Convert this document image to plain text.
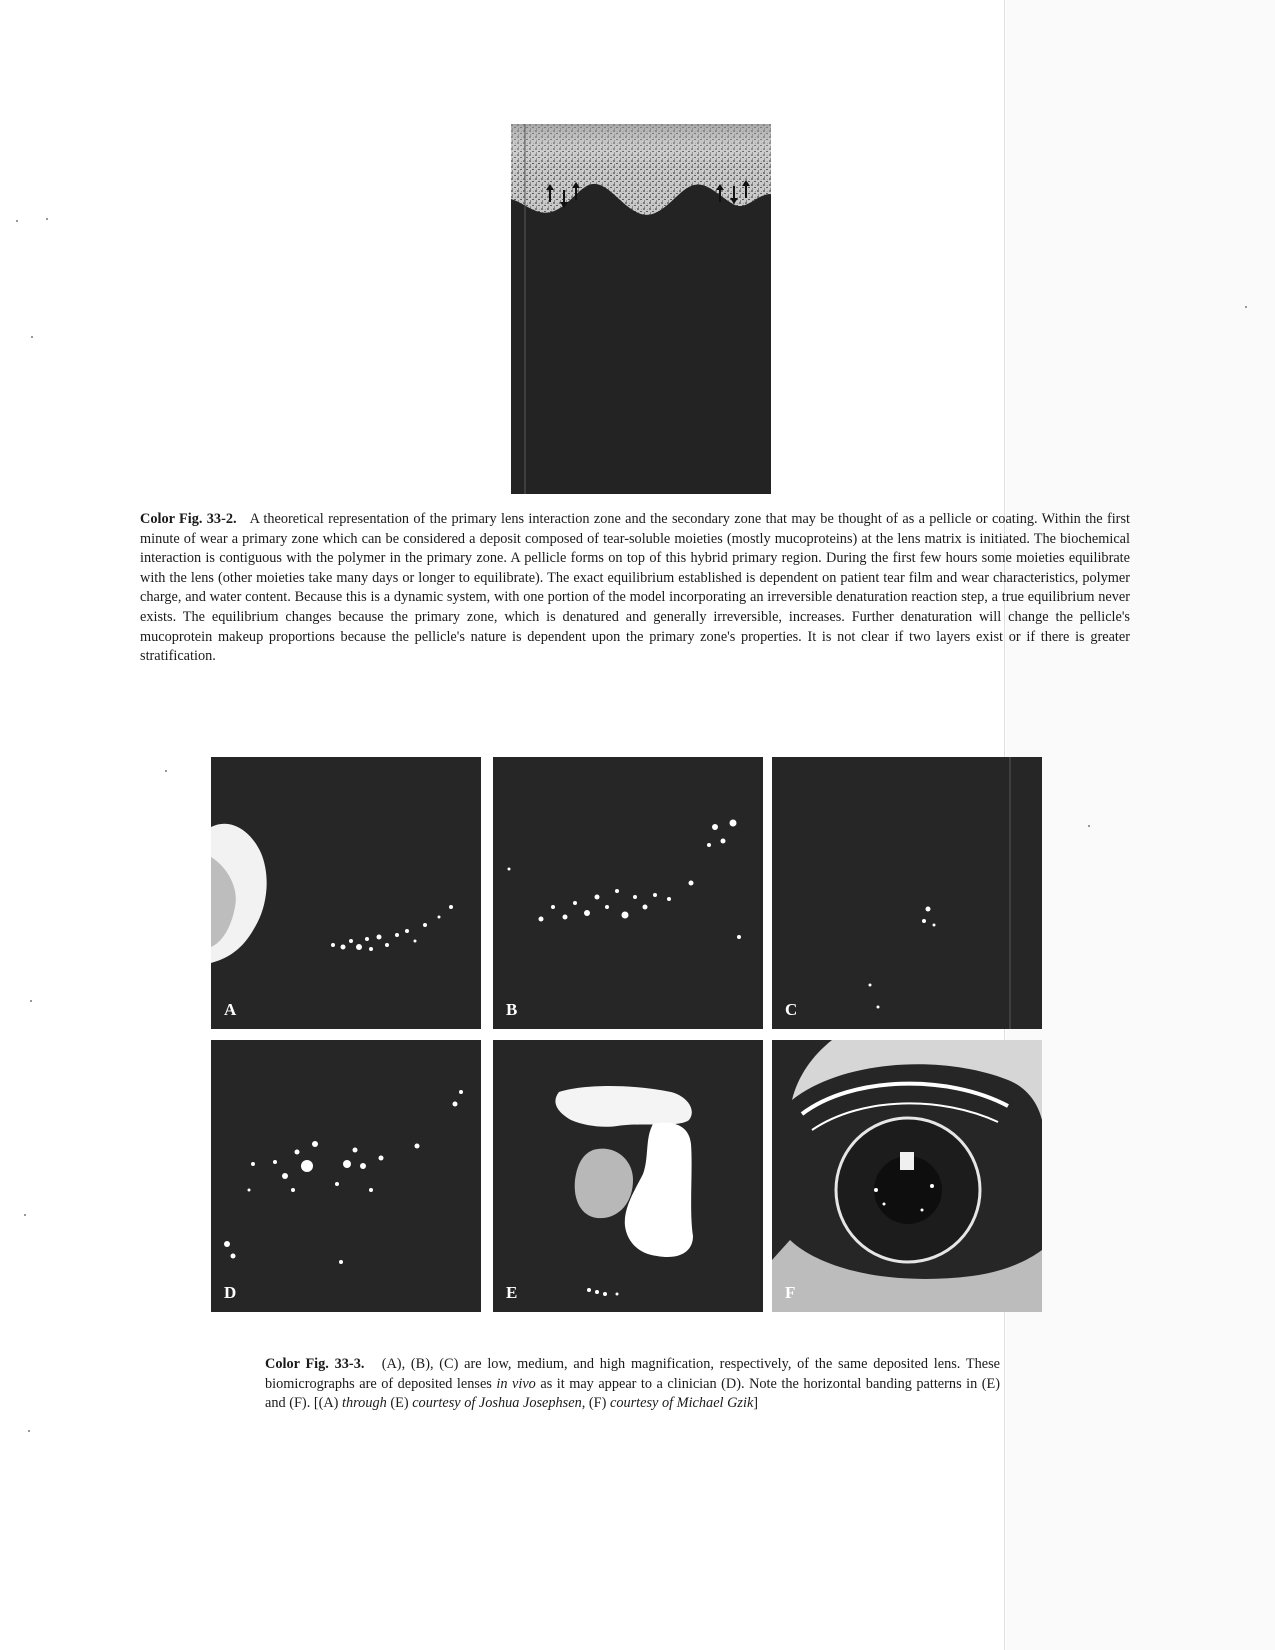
Color Fig. 33-2. A theoretical representation of the primary lens interaction zone and the secondary zone that may be thought of as a pellicle or coating. Within the first minute of wear a primary zone which can be considered a deposit composed of tear-soluble moieties (mostly mucoproteins) at the lens matrix is initiated. The biochemical interaction is contiguous with the polymer in the primary zone. A pellicle forms on top of this hybrid primary region. During the first few hours some moieties equilibrate with the lens (other moieties take many days or longer to equilibrate). The exact equilibrium established is dependent on patient tear film and wear characteristics, polymer charge, and water content. Because this is a dynamic system, with one portion of the model incorporating an irreversible denaturation reaction step, a true equilibrium never exists. The equilibrium changes because the primary zone, which is denatured and generally irreversible, increases. Further denaturation will change the pellicle's mucoprotein makeup proportions because the pellicle's nature is dependent upon the primary zone's properties. It is not clear if two layers exist or if there is greater stratification.

A	B	C
D	E	F

Color Fig. 33-3. (A), (B), (C) are low, medium, and high magnification, respectively, of the same deposited lens. These biomicrographs are of deposited lenses in vivo as it may appear to a clinician (D). Note the horizontal banding patterns in (E) and (F). [(A) through (E) courtesy of Joshua Josephsen, (F) courtesy of Michael Gzik]
